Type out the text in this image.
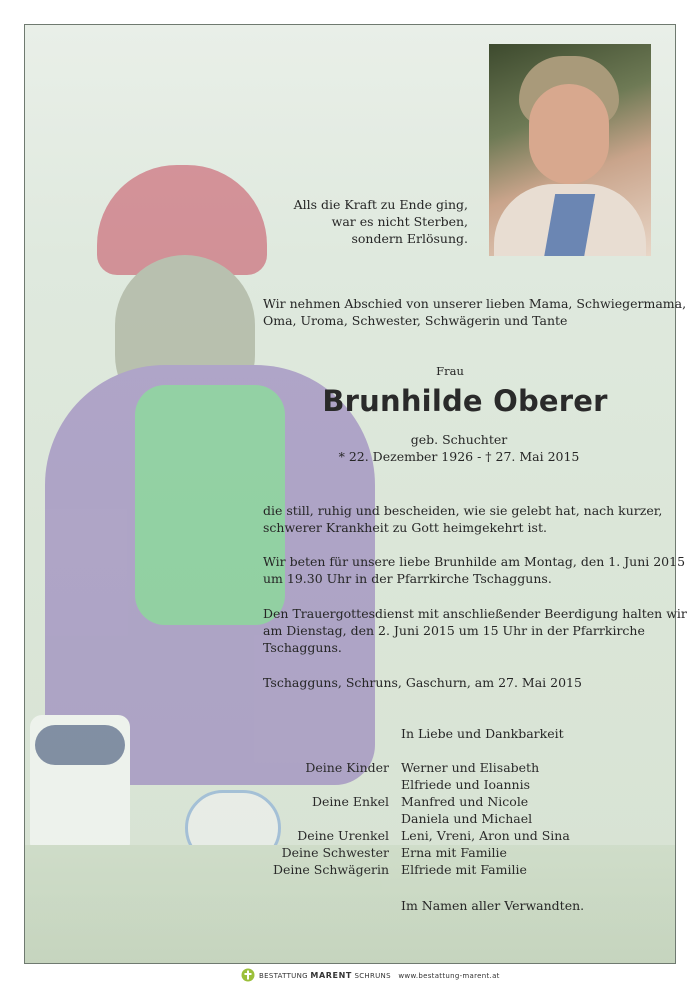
Alls die Kraft zu Ende ging,
war es nicht Sterben,
sondern Erlösung.
Wir nehmen Abschied von unserer lieben Mama, Schwiegermama,
Oma, Uroma, Schwester, Schwägerin und Tante
Frau
Brunhilde Oberer
geb. Schuchter
* 22. Dezember 1926 - † 27. Mai 2015
die still, ruhig und bescheiden, wie sie gelebt hat, nach kurzer,
schwerer Krankheit zu Gott heimgekehrt ist.
Wir beten für unsere liebe Brunhilde am Montag, den 1. Juni 2015
um 19.30 Uhr in der Pfarrkirche Tschagguns.
Den Trauergottesdienst mit anschließender Beerdigung halten wir
am Dienstag, den 2. Juni 2015 um 15 Uhr in der Pfarrkirche
Tschagguns.
Tschagguns, Schruns, Gaschurn, am 27. Mai 2015
In Liebe und Dankbarkeit
Deine Kinder Werner und Elisabeth
Elfriede und Ioannis
Deine Enkel Manfred und Nicole
Daniela und Michael
Deine Urenkel Leni, Vreni, Aron und Sina
Deine Schwester Erna mit Familie
Deine Schwägerin Elfriede mit Familie
Im Namen aller Verwandten.
BESTATTUNG MARENT SCHRUNS www.bestattung-marent.at
